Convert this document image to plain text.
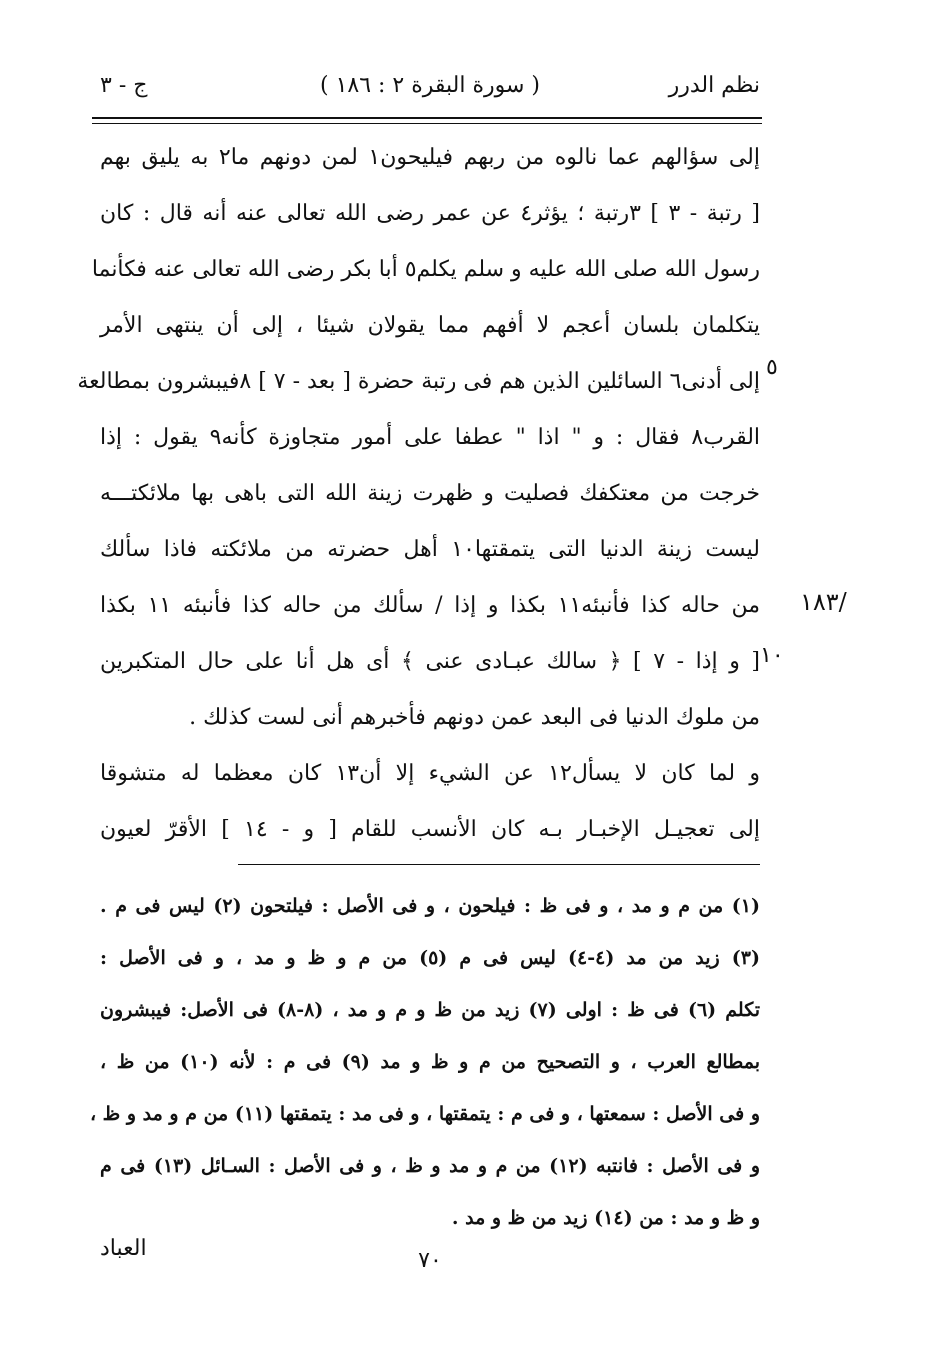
نظم الدرر
( سورة البقرة ٢ : ١٨٦ )
ج - ٣
إلى سؤالهم عما نالوه من ربهم فيليحون١ لمن دونهم ما٢ به يليق بهم
[ رتبة - ٣ ] ٣رتبة ؛ يؤثر٤ عن عمر رضى الله تعالى عنه أنه قال : كان
رسول الله صلى الله عليه و سلم يكلم٥ أبا بكر رضى الله تعالى عنه فكأنما
يتكلمان بلسان أعجم لا أفهم مما يقولان شيئا ، إلى أن ينتهى الأمر
إلى أدنى٦ السائلين الذين هم فى رتبة حضرة [ بعد - ٧ ] ٨فيبشرون بمطالعة
القرب٨ فقال : و " اذا " عطفا على أمور متجاوزة كأنه٩ يقول : إذا
خرجت من معتكفك فصليت و ظهرت زينة الله التى باهى بها ملائكتـــه
ليست زينة الدنيا التى يتمقتها١٠ أهل حضرته من ملائكته فاذا سألك
من حاله كذا فأنبئه١١ بكذا و إذا / سألك من حاله كذا فأنبئه ١١ بكذا
[ و إذا - ٧ ] ﴿ سالك عبـادى عنى ﴾ أى هل أنا على حال المتكبرين
من ملوك الدنيا فى البعد عمن دونهم فأخبرهم أنى لست كذلك .
و لما كان لا يسأل١٢ عن الشيء إلا أن١٣ كان معظما له متشوقا
إلى تعجيـل الإخبـار بـه كان الأنسب للقام [ و - ١٤ ] الأقرّ لعيون
٥
١٠
/١٨٣
(١) من م و مد ، و فى ظ : فيلحون ، و فى الأصل : فيلتحون (٢) ليس فى م .
(٣) زيد من مد (٤-٤) ليس فى م (٥) من م و ظ و مد ، و فى الأصل :
تكلم (٦) فى ظ : اولى (٧) زيد من ظ و م و مد ، (٨-٨) فى الأصل: فيبشرون
بمطالع العرب ، و التصحيح من م و ظ و مد (٩) فى م : لأنه (١٠) من ظ ،
و فى الأصل : سمعتها ، و فى م : يتمقتها ، و فى مد : يتمقتها (١١) من م و مد و ظ ،
و فى الأصل : فانتبه (١٢) من م و مد و ظ ، و فى الأصل : السـائل (١٣) فى م
و ظ و مد : من (١٤) زيد من ظ و مد .
٧٠
العباد
